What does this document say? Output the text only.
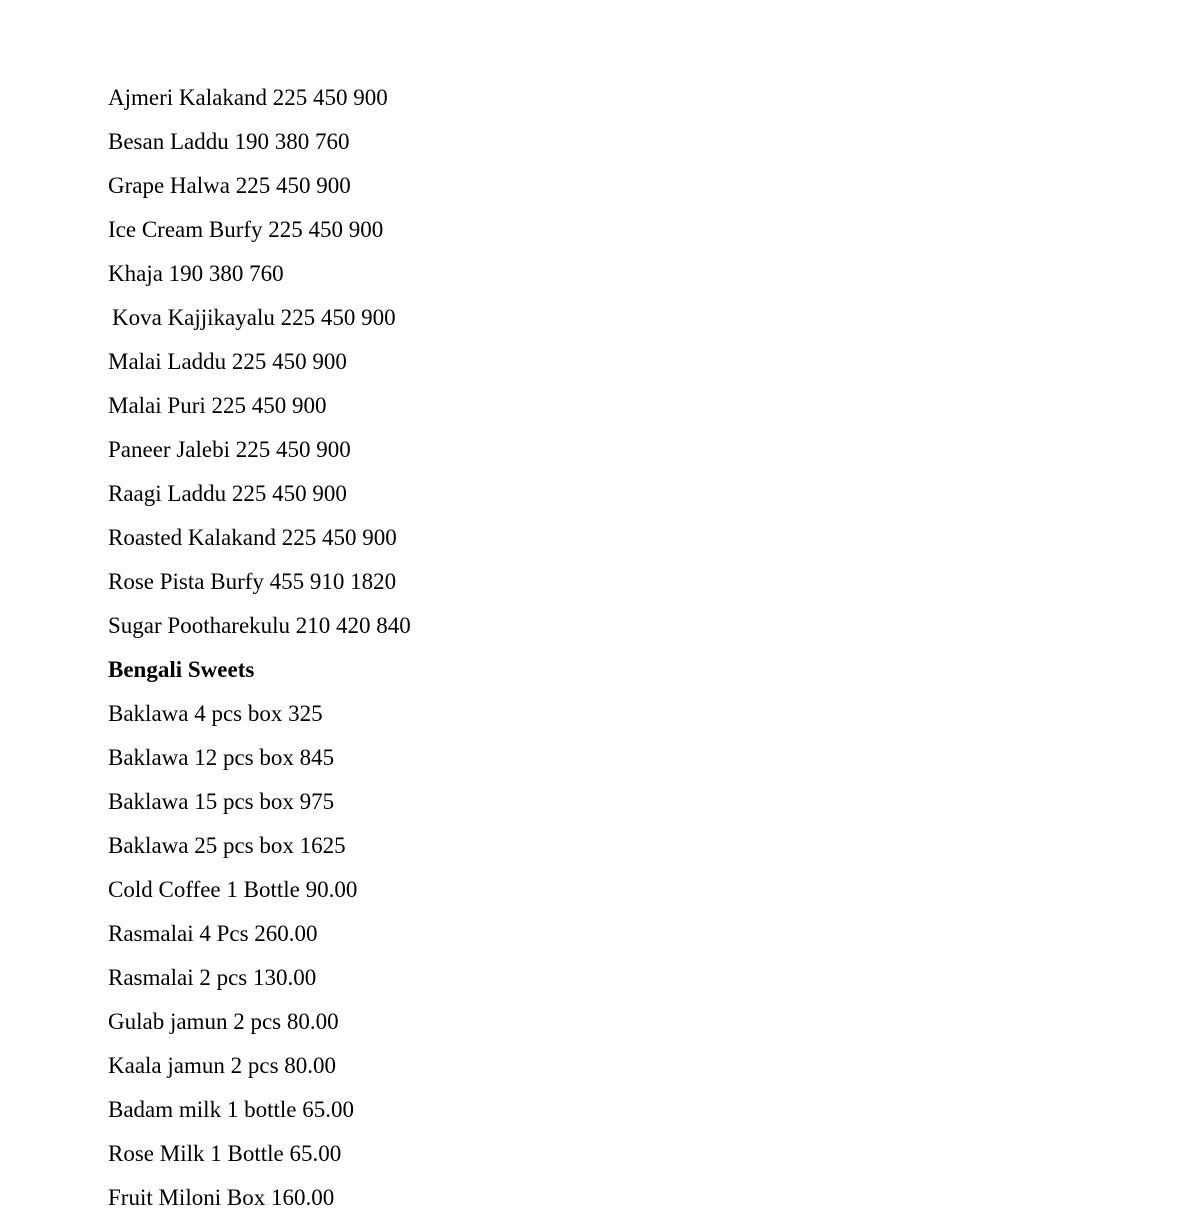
Ajmeri Kalakand 225 450 900
Besan Laddu 190 380 760
Grape Halwa 225 450 900
Ice Cream Burfy 225 450 900
Khaja 190 380 760
Kova Kajjikayalu 225 450 900
Malai Laddu 225 450 900
Malai Puri 225 450 900
Paneer Jalebi 225 450 900
Raagi Laddu 225 450 900
Roasted Kalakand 225 450 900
Rose Pista Burfy 455 910 1820
Sugar Pootharekulu 210 420 840
Bengali Sweets
Baklawa 4 pcs box 325
Baklawa 12 pcs box 845
Baklawa 15 pcs box 975
Baklawa 25 pcs box 1625
Cold Coffee 1 Bottle 90.00
Rasmalai 4 Pcs 260.00
Rasmalai 2 pcs 130.00
Gulab jamun 2 pcs 80.00
Kaala jamun 2 pcs 80.00
Badam milk 1 bottle 65.00
Rose Milk 1 Bottle 65.00
Fruit Miloni Box 160.00
